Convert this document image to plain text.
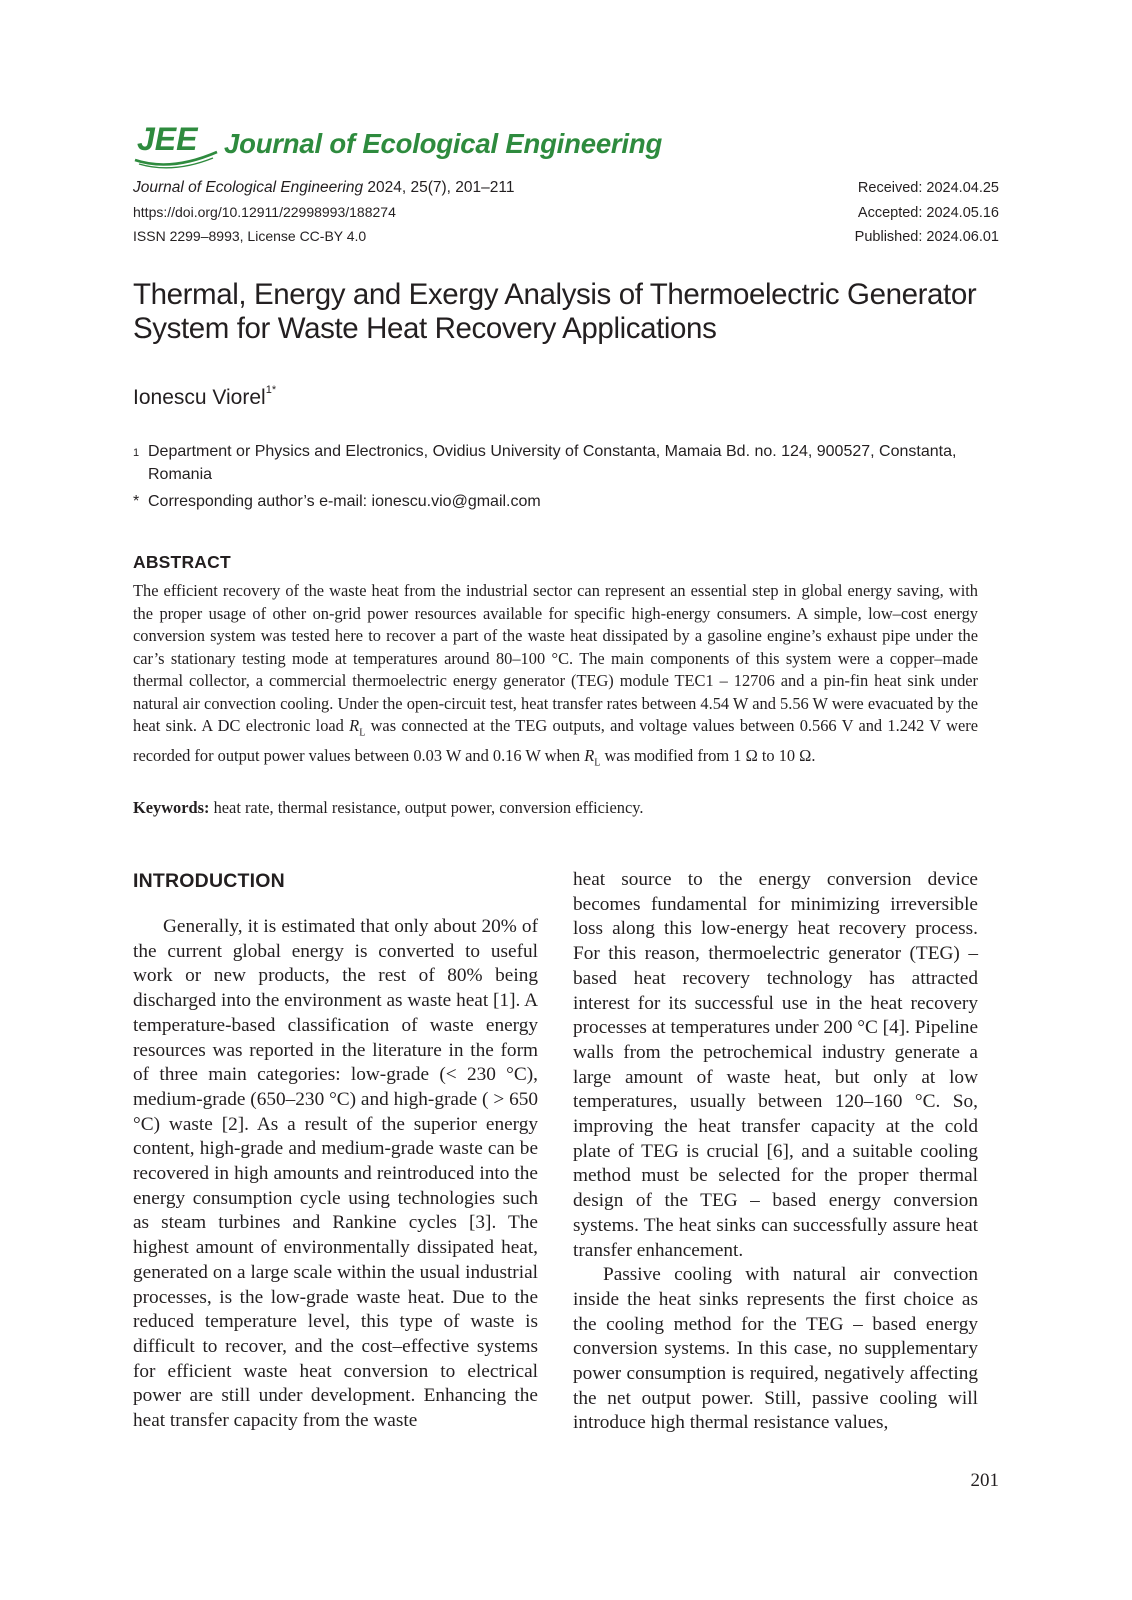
JEE Journal of Ecological Engineering
Journal of Ecological Engineering 2024, 25(7), 201–211
https://doi.org/10.12911/22998993/188274
ISSN 2299–8993, License CC-BY 4.0
Received: 2024.04.25
Accepted: 2024.05.16
Published: 2024.06.01
Thermal, Energy and Exergy Analysis of Thermoelectric Generator
System for Waste Heat Recovery Applications
Ionescu Viorel$^{1*}$
1 Department or Physics and Electronics, Ovidius University of Constanta, Mamaia Bd. no. 124, 900527, Constanta, Romania
* Corresponding author’s e-mail: ionescu.vio@gmail.com
ABSTRACT
The efficient recovery of the waste heat from the industrial sector can represent an essential step in global energy saving, with the proper usage of other on-grid power resources available for specific high-energy consumers. A simple, low–cost energy conversion system was tested here to recover a part of the waste heat dissipated by a gasoline engine’s exhaust pipe under the car’s stationary testing mode at temperatures around 80–100 °C. The main components of this system were a copper–made thermal collector, a commercial thermoelectric energy generator (TEG) module TEC1 – 12706 and a pin-fin heat sink under natural air convection cooling. Under the open-circuit test, heat transfer rates between 4.54 W and 5.56 W were evacuated by the heat sink. A DC electronic load $R_L$ was connected at the TEG outputs, and voltage values between 0.566 V and 1.242 V were recorded for output power values between 0.03 W and 0.16 W when $R_L$ was modified from 1 Ω to 10 Ω.
Keywords: heat rate, thermal resistance, output power, conversion efficiency.
INTRODUCTION

Generally, it is estimated that only about 20% of the current global energy is converted to useful work or new products, the rest of 80% being discharged into the environment as waste heat [1]. A temperature-based classification of waste energy resources was reported in the literature in the form of three main categories: low-grade (< 230 °C), medium-grade (650–230 °C) and high-grade ( > 650 °C) waste [2]. As a result of the superior energy content, high-grade and medium-grade waste can be recovered in high amounts and reintroduced into the energy consumption cycle using technologies such as steam turbines and Rankine cycles [3]. The highest amount of environmentally dissipated heat, generated on a large scale within the usual industrial processes, is the low-grade waste heat. Due to the reduced temperature level, this type of waste is difficult to recover, and the cost–effective systems for efficient waste heat conversion to electrical power are still under development. Enhancing the heat transfer capacity from the waste

heat source to the energy conversion device becomes fundamental for minimizing irreversible loss along this low-energy heat recovery process. For this reason, thermoelectric generator (TEG) – based heat recovery technology has attracted interest for its successful use in the heat recovery processes at temperatures under 200 °C [4]. Pipeline walls from the petrochemical industry generate a large amount of waste heat, but only at low temperatures, usually between 120–160 °C. So, improving the heat transfer capacity at the cold plate of TEG is crucial [6], and a suitable cooling method must be selected for the proper thermal design of the TEG – based energy conversion systems. The heat sinks can successfully assure heat transfer enhancement.

Passive cooling with natural air convection inside the heat sinks represents the first choice as the cooling method for the TEG – based energy conversion systems. In this case, no supplementary power consumption is required, negatively affecting the net output power. Still, passive cooling will introduce high thermal resistance values,

201
